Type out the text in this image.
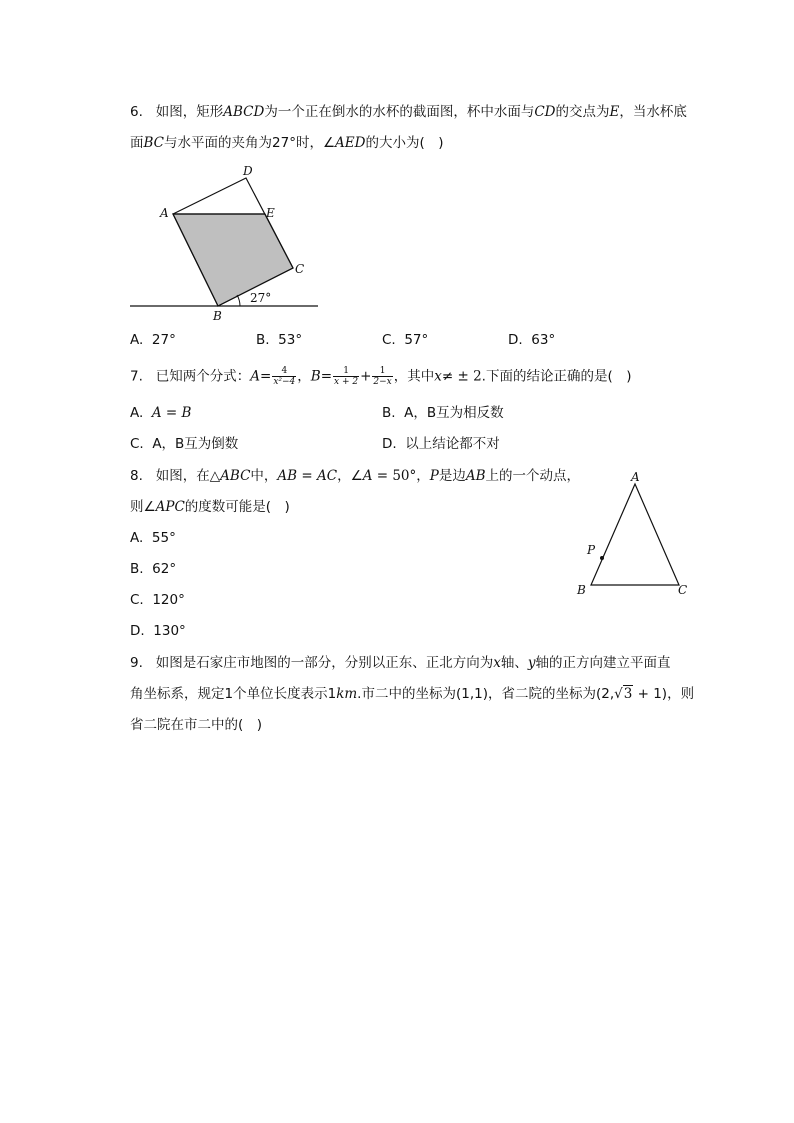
6. 如图，矩形ABCD为一个正在倒水的水杯的截面图，杯中水面与CD的交点为E，当水杯底
面BC与水平面的夹角为27°时，∠AED的大小为(　)
A
D
E
C
B
27°
A. 27°	B. 53°	C. 57°	D. 63°
7. 已知两个分式：$A= \frac{4}{\text{x²−4}}$ ，$B= \frac{1}{x + 2} + \frac{1}{2-x}$ ，其中x≠ ± 2.下面的结论正确的是(　)
A. A = B	B. A，B互为相反数
C. A，B互为倒数	D. 以上结论都不对
8. 如图，在△ABC中，AB = AC，∠A = 50°，P是边AB上的一个动点，
则∠APC的度数可能是(　)
A
B	C
P
A. 55°
B. 62°
C. 120°
D. 130°
9. 如图是石家庄市地图的一部分，分别以正东、正北方向为x轴、y轴的正方向建立平面直
角坐标系，规定1个单位长度表示1km.市二中的坐标为(1,1)，省二院的坐标为(2,√3 + 1)，则
省二院在市二中的(　)
